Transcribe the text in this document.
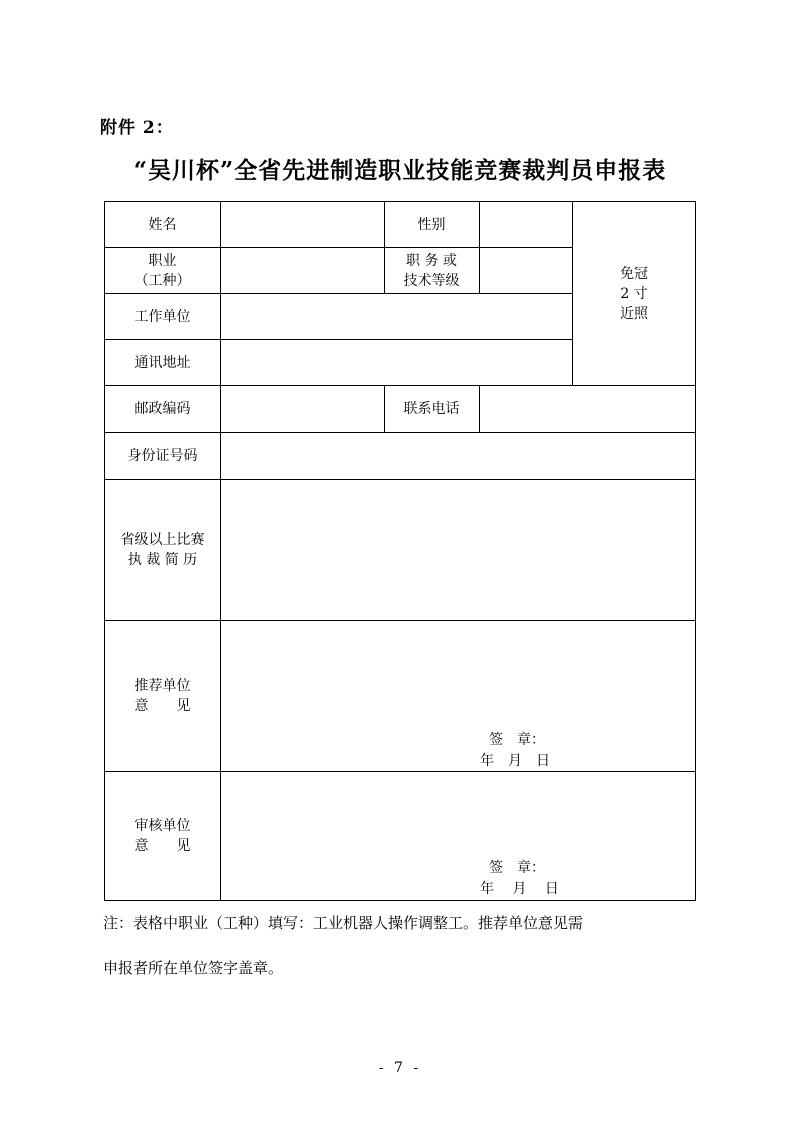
附件 2：
“吴川杯”全省先进制造职业技能竞赛裁判员申报表
姓名	性别
免冠
2 寸
近照
职业
（工种）
职 务 或
技术等级
工作单位
通讯地址
邮政编码	联系电话
身份证号码
省级以上比赛
执 裁 简 历
推荐单位
意　　见
签　章：
年　月　日
审核单位
意　　见
签　章：
年　 月　 日
注：表格中职业（工种）填写：工业机器人操作调整工。推荐单位意见需
申报者所在单位签字盖章。
- 7 -
